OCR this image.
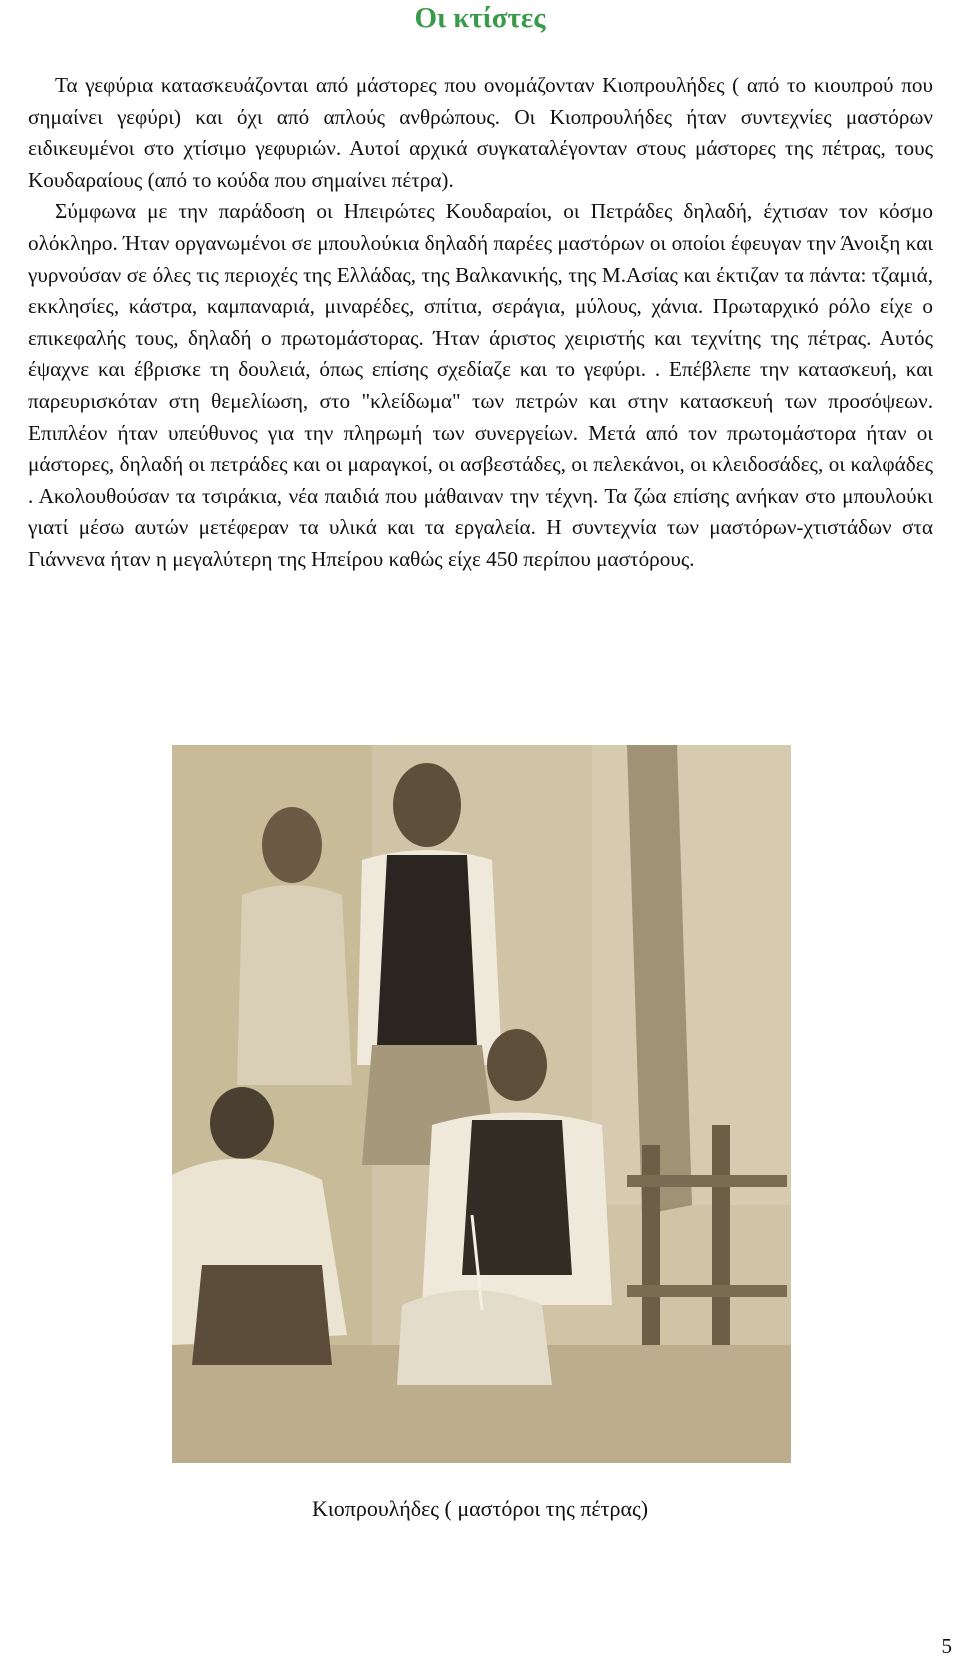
Οι κτίστες

Τα γεφύρια κατασκευάζονται από μάστορες που ονομάζονταν Κιοπρουλήδες ( από το κιουπρού που σημαίνει γεφύρι) και όχι από απλούς ανθρώπους. Οι Κιοπρουλήδες ήταν συντεχνίες μαστόρων ειδικευμένοι στο χτίσιμο γεφυριών. Αυτοί αρχικά συγκαταλέγονταν στους μάστορες της πέτρας, τους Κουδαραίους (από το κούδα που σημαίνει πέτρα).

Σύμφωνα με την παράδοση οι Ηπειρώτες Κουδαραίοι, οι Πετράδες δηλαδή, έχτισαν τον κόσμο ολόκληρο. Ήταν οργανωμένοι σε μπουλούκια δηλαδή παρέες μαστόρων οι οποίοι έφευγαν την Άνοιξη και γυρνούσαν σε όλες τις περιοχές της Ελλάδας, της Βαλκανικής, της Μ.Ασίας και έκτιζαν τα πάντα: τζαμιά, εκκλησίες, κάστρα, καμπαναριά, μιναρέδες, σπίτια, σεράγια, μύλους, χάνια. Πρωταρχικό ρόλο είχε ο επικεφαλής τους, δηλαδή ο πρωτομάστορας. Ήταν άριστος χειριστής και τεχνίτης της πέτρας. Αυτός έψαχνε και έβρισκε τη δουλειά, όπως επίσης σχεδίαζε και το γεφύρι. . Επέβλεπε την κατασκευή, και παρευρισκόταν στη θεμελίωση, στο "κλείδωμα" των πετρών και στην κατασκευή των προσόψεων. Επιπλέον ήταν υπεύθυνος για την πληρωμή των συνεργείων. Μετά από τον πρωτομάστορα ήταν οι μάστορες, δηλαδή οι πετράδες και οι μαραγκοί, οι ασβεστάδες, οι πελεκάνοι, οι κλειδοσάδες, οι καλφάδες . Ακολουθούσαν τα τσιράκια, νέα παιδιά που μάθαιναν την τέχνη. Τα ζώα επίσης ανήκαν στο μπουλούκι γιατί μέσω αυτών μετέφεραν τα υλικά και τα εργαλεία. Η συντεχνία των μαστόρων-χτιστάδων στα Γιάννενα ήταν η μεγαλύτερη της Ηπείρου καθώς είχε 450 περίπου μαστόρους.

Κιοπρουλήδες ( μαστόροι της πέτρας)

5
